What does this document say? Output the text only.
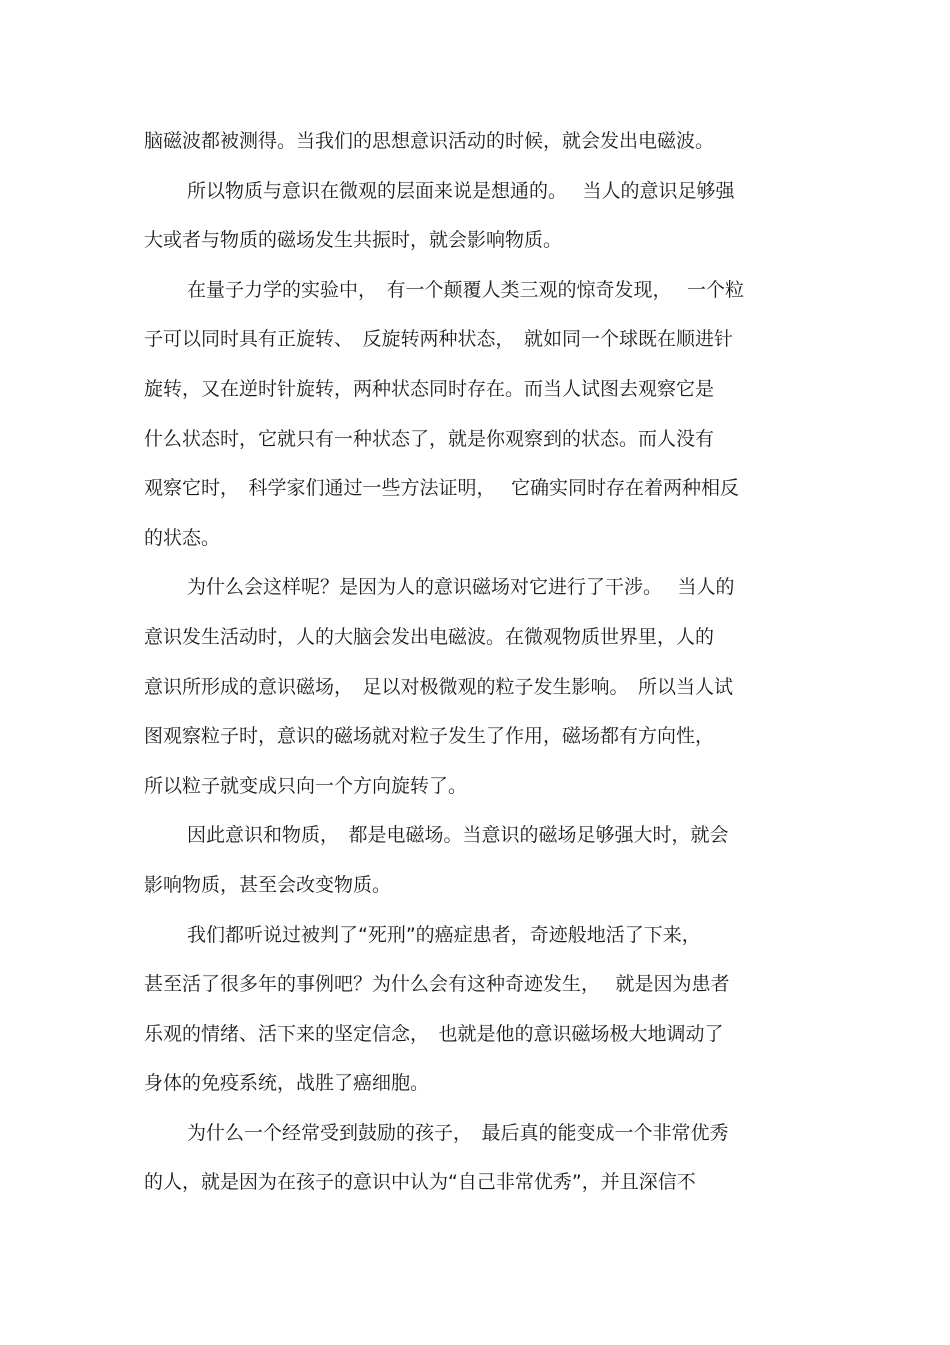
脑磁波都被测得。当我们的思想意识活动的时候，就会发出电磁波。
所以物质与意识在微观的层面来说是想通的。　 当人的意识足够强
大或者与物质的磁场发生共振时，就会影响物质。
在量子力学的实验中，　有一个颠覆人类三观的惊奇发现，　 一个粒
子可以同时具有正旋转、　反旋转两种状态，　就如同一个球既在顺进针
旋转，又在逆时针旋转，两种状态同时存在。而当人试图去观察它是
什么状态时，它就只有一种状态了，就是你观察到的状态。而人没有
观察它时，　科学家们通过一些方法证明，　 它确实同时存在着两种相反
的状态。
为什么会这样呢？是因为人的意识磁场对它进行了干涉。　 当人的
意识发生活动时，人的大脑会发出电磁波。在微观物质世界里，人的
意识所形成的意识磁场，　足以对极微观的粒子发生影响。　所以当人试
图观察粒子时，意识的磁场就对粒子发生了作用，磁场都有方向性，
所以粒子就变成只向一个方向旋转了。
因此意识和物质，　都是电磁场。当意识的磁场足够强大时，就会
影响物质，甚至会改变物质。
我们都听说过被判了“死刑”的癌症患者，奇迹般地活了下来，
甚至活了很多年的事例吧？为什么会有这种奇迹发生，　 就是因为患者
乐观的情绪、活下来的坚定信念，　也就是他的意识磁场极大地调动了
身体的免疫系统，战胜了癌细胞。
为什么一个经常受到鼓励的孩子，　最后真的能变成一个非常优秀
的人，就是因为在孩子的意识中认为“自己非常优秀”，并且深信不
